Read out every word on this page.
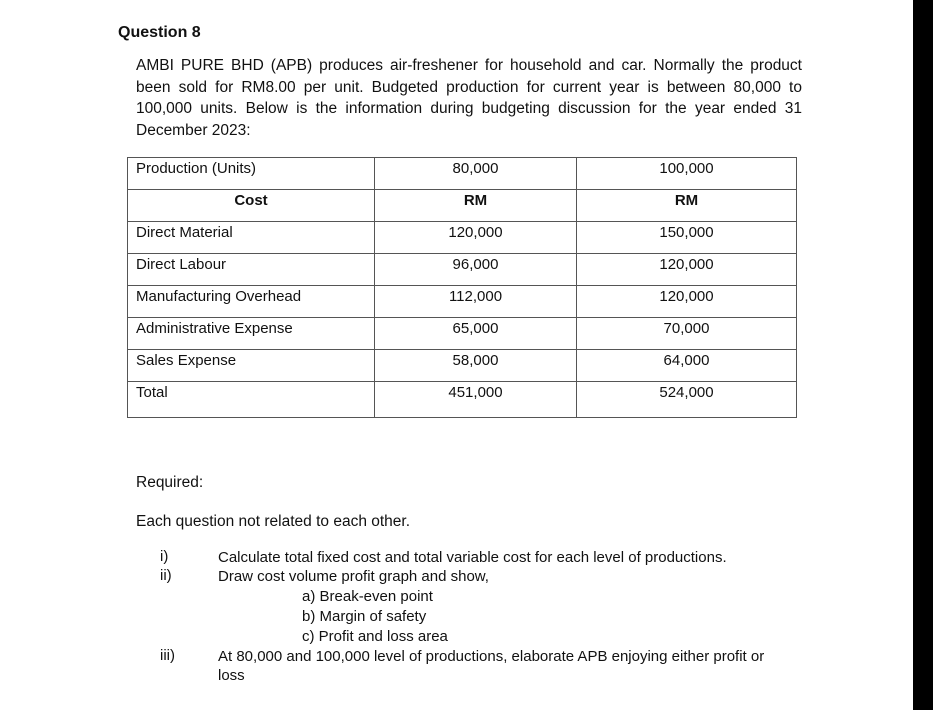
Question 8
AMBI PURE BHD (APB) produces air-freshener for household and car. Normally the product been sold for RM8.00 per unit. Budgeted production for current year is between 80,000 to 100,000 units. Below is the information during budgeting discussion for the year ended 31 December 2023:
Production (Units)	80,000	100,000
Cost	RM	RM
Direct Material	120,000	150,000
Direct Labour	96,000	120,000
Manufacturing Overhead	112,000	120,000
Administrative Expense	65,000	70,000
Sales Expense	58,000	64,000
Total	451,000	524,000
Required:
Each question not related to each other.
i)	Calculate total fixed cost and total variable cost for each level of productions.
ii)	Draw cost volume profit graph and show,
a) Break-even point
b) Margin of safety
c) Profit and loss area
iii)	At 80,000 and 100,000 level of productions, elaborate APB enjoying either profit or loss
